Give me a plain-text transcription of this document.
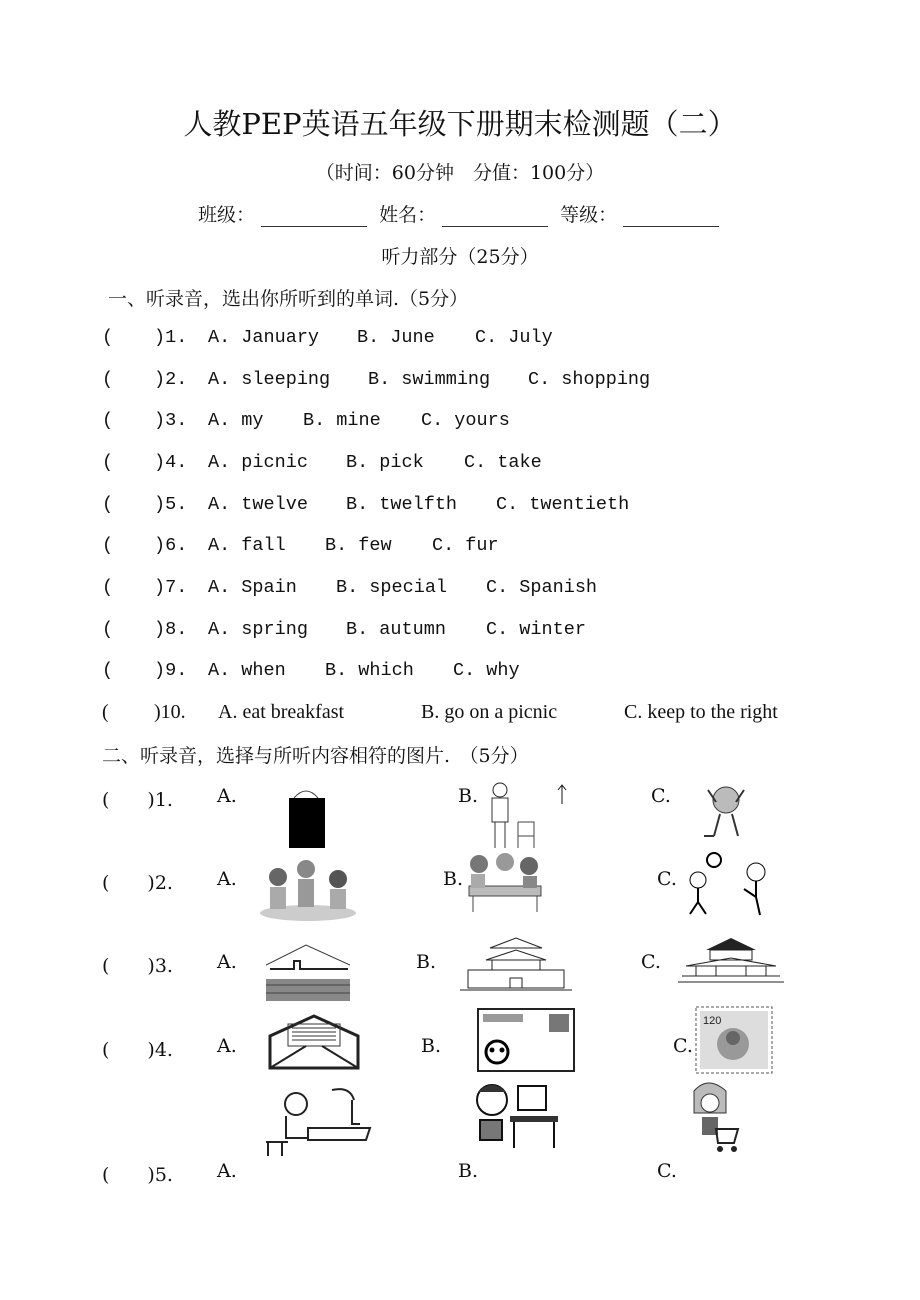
人教PEP英语五年级下册期末检测题（二）
（时间：60分钟　分值：100分）
班级：	姓名：	等级：
听力部分（25分）
一、听录音，选出你所听到的单词.（5分）
( )1. A. January B. June C. July
( )2. A. sleeping B. swimming C. shopping
( )3. A. my B. mine C. yours
( )4. A. picnic B. pick C. take
( )5. A. twelve B. twelfth C. twentieth
( )6. A. fall B. few C. fur
( )7. A. Spain B. special C. Spanish
( )8. A. spring B. autumn C. winter
( )9. A. when B. which C. why
( )10. A. eat breakfast	B. go on a picnic	C. keep to the right
二、听录音，选择与所听内容相符的图片.　（5分）
(　　)1. A.	B.	C.
(　　)2. A.	B.	C.
(　　)3. A.	B.	C.
(　　)4. A.	B.	C.
(　　)5. A.	B.	C.
120
